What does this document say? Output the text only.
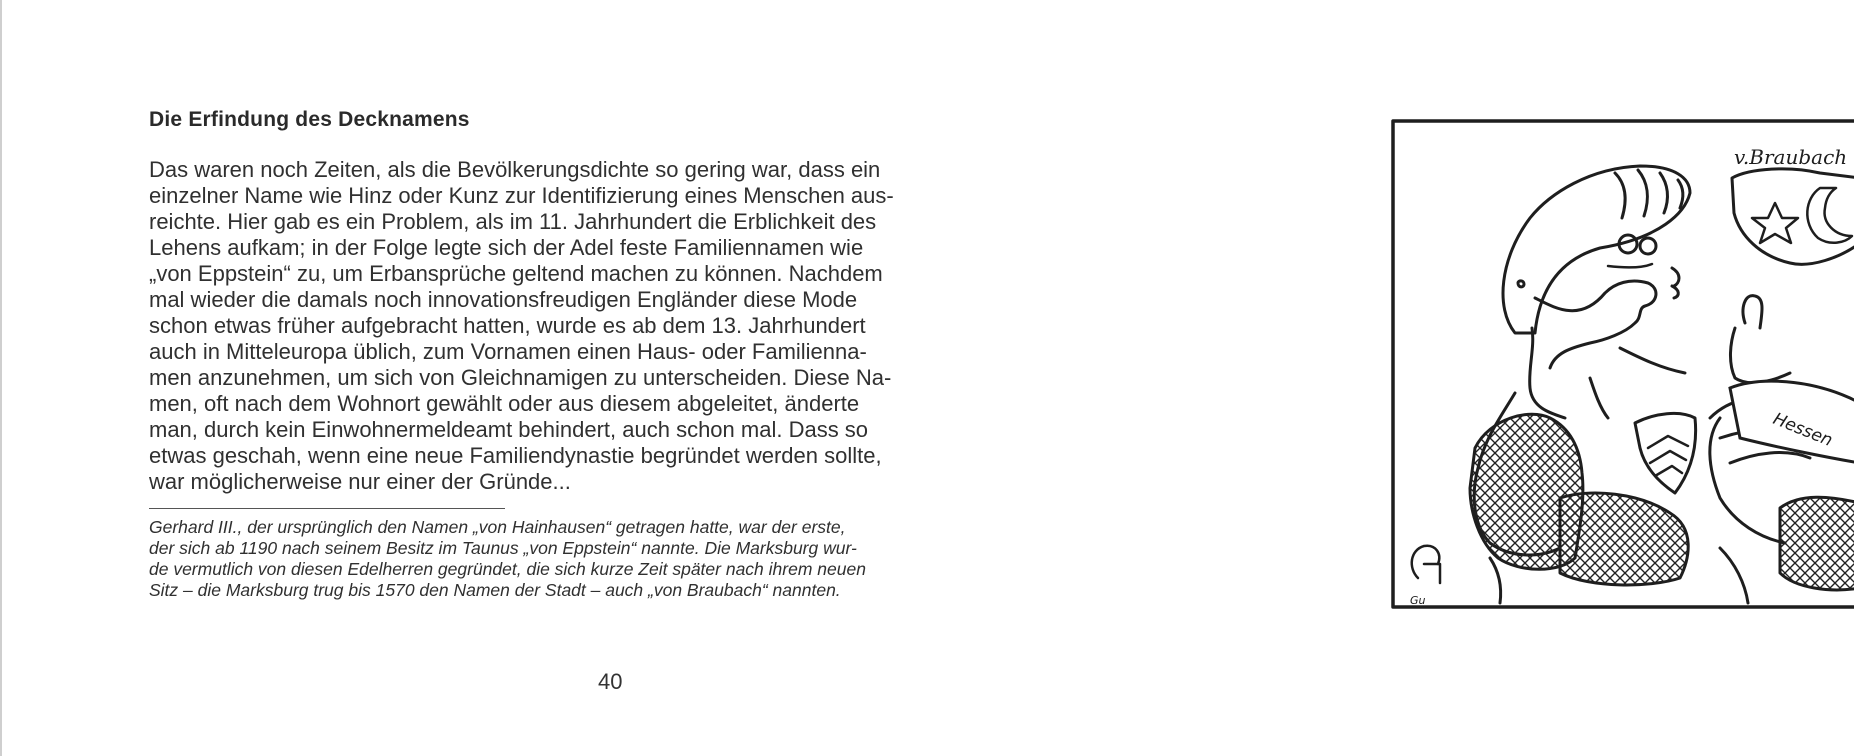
Die Erfindung des Decknamens

Das waren noch Zeiten, als die Bevölkerungsdichte so gering war, dass ein
einzelner Name wie Hinz oder Kunz zur Identifizierung eines Menschen aus-
reichte. Hier gab es ein Problem, als im 11. Jahrhundert die Erblichkeit des
Lehens aufkam; in der Folge legte sich der Adel feste Familiennamen wie
„von Eppstein“ zu, um Erbansprüche geltend machen zu können. Nachdem
mal wieder die damals noch innovationsfreudigen Engländer diese Mode
schon etwas früher aufgebracht hatten, wurde es ab dem 13. Jahrhundert
auch in Mitteleuropa üblich, zum Vornamen einen Haus- oder Familienna-
men anzunehmen, um sich von Gleichnamigen zu unterscheiden. Diese Na-
men, oft nach dem Wohnort gewählt oder aus diesem abgeleitet, änderte
man, durch kein Einwohnermeldeamt behindert, auch schon mal. Dass so
etwas geschah, wenn eine neue Familiendynastie begründet werden sollte,
war möglicherweise nur einer der Gründe...

Gerhard III., der ursprünglich den Namen „von Hainhausen“ getragen hatte, war der erste,
der sich ab 1190 nach seinem Besitz im Taunus „von Eppstein“ nannte. Die Marksburg wur-
de vermutlich von diesen Edelherren gegründet, die sich kurze Zeit später nach ihrem neuen
Sitz – die Marksburg trug bis 1570 den Namen der Stadt – auch „von Braubach“ nannten.

40
Hessen
v.Braubach
Gu
